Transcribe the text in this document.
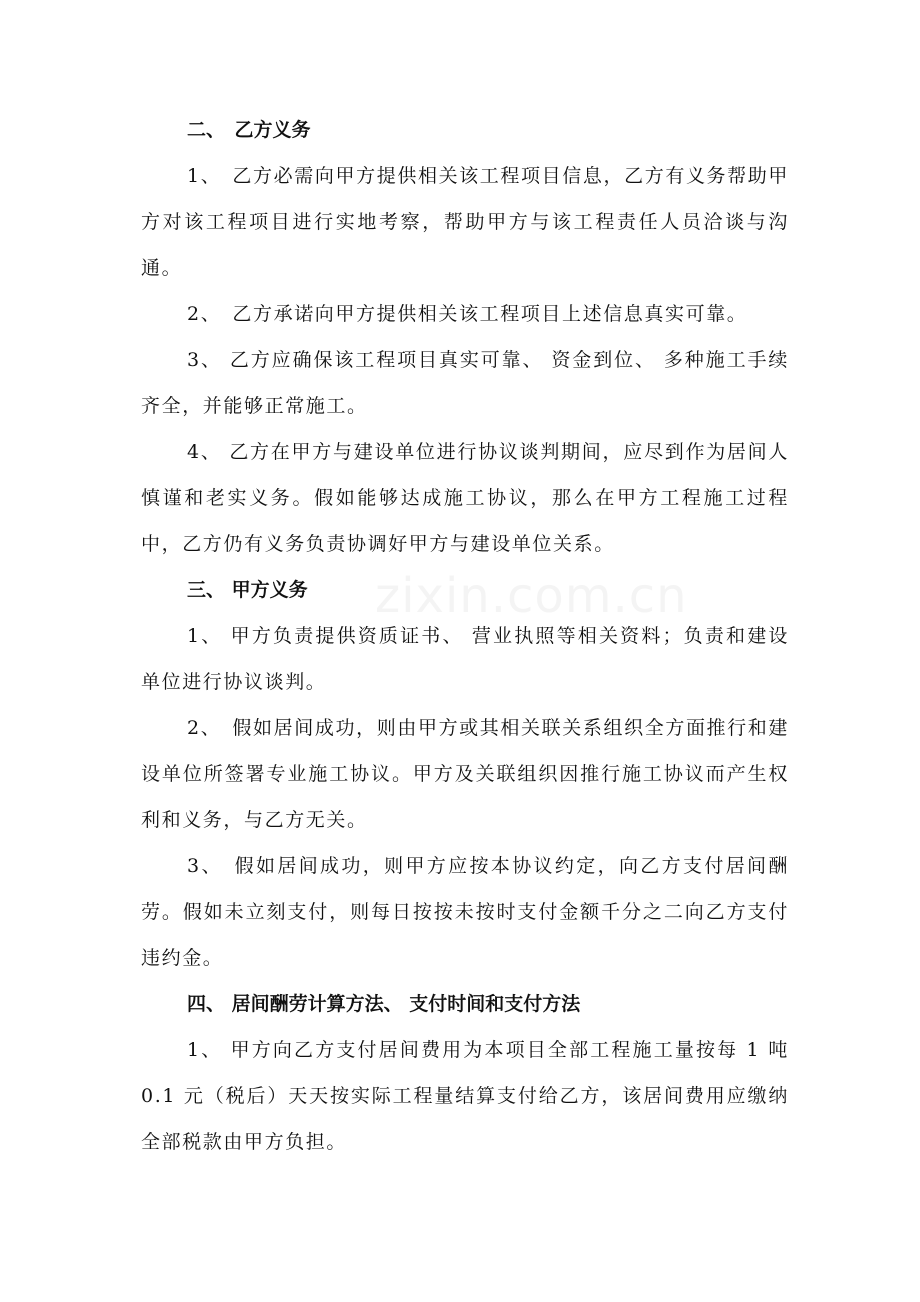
zixin.com.cn

二、　乙方义务

1、　乙方必需向甲方提供相关该工程项目信息，乙方有义务帮助甲方对该工程项目进行实地考察，帮助甲方与该工程责任人员洽谈与沟通。

2、　乙方承诺向甲方提供相关该工程项目上述信息真实可靠。

3、 乙方应确保该工程项目真实可靠、 资金到位、 多种施工手续齐全，并能够正常施工。

4、 乙方在甲方与建设单位进行协议谈判期间，应尽到作为居间人慎谨和老实义务。假如能够达成施工协议，那么在甲方工程施工过程中，乙方仍有义务负责协调好甲方与建设单位关系。

三、 甲方义务

1、 甲方负责提供资质证书、 营业执照等相关资料；负责和建设单位进行协议谈判。

2、　假如居间成功，则由甲方或其相关联关系组织全方面推行和建设单位所签署专业施工协议。甲方及关联组织因推行施工协议而产生权利和义务，与乙方无关。

3、　假如居间成功，则甲方应按本协议约定，向乙方支付居间酬劳。假如未立刻支付，则每日按按未按时支付金额千分之二向乙方支付违约金。

四、 居间酬劳计算方法、 支付时间和支付方法

1、 甲方向乙方支付居间费用为本项目全部工程施工量按每 1 吨 0.1 元（税后）天天按实际工程量结算支付给乙方，该居间费用应缴纳全部税款由甲方负担。
